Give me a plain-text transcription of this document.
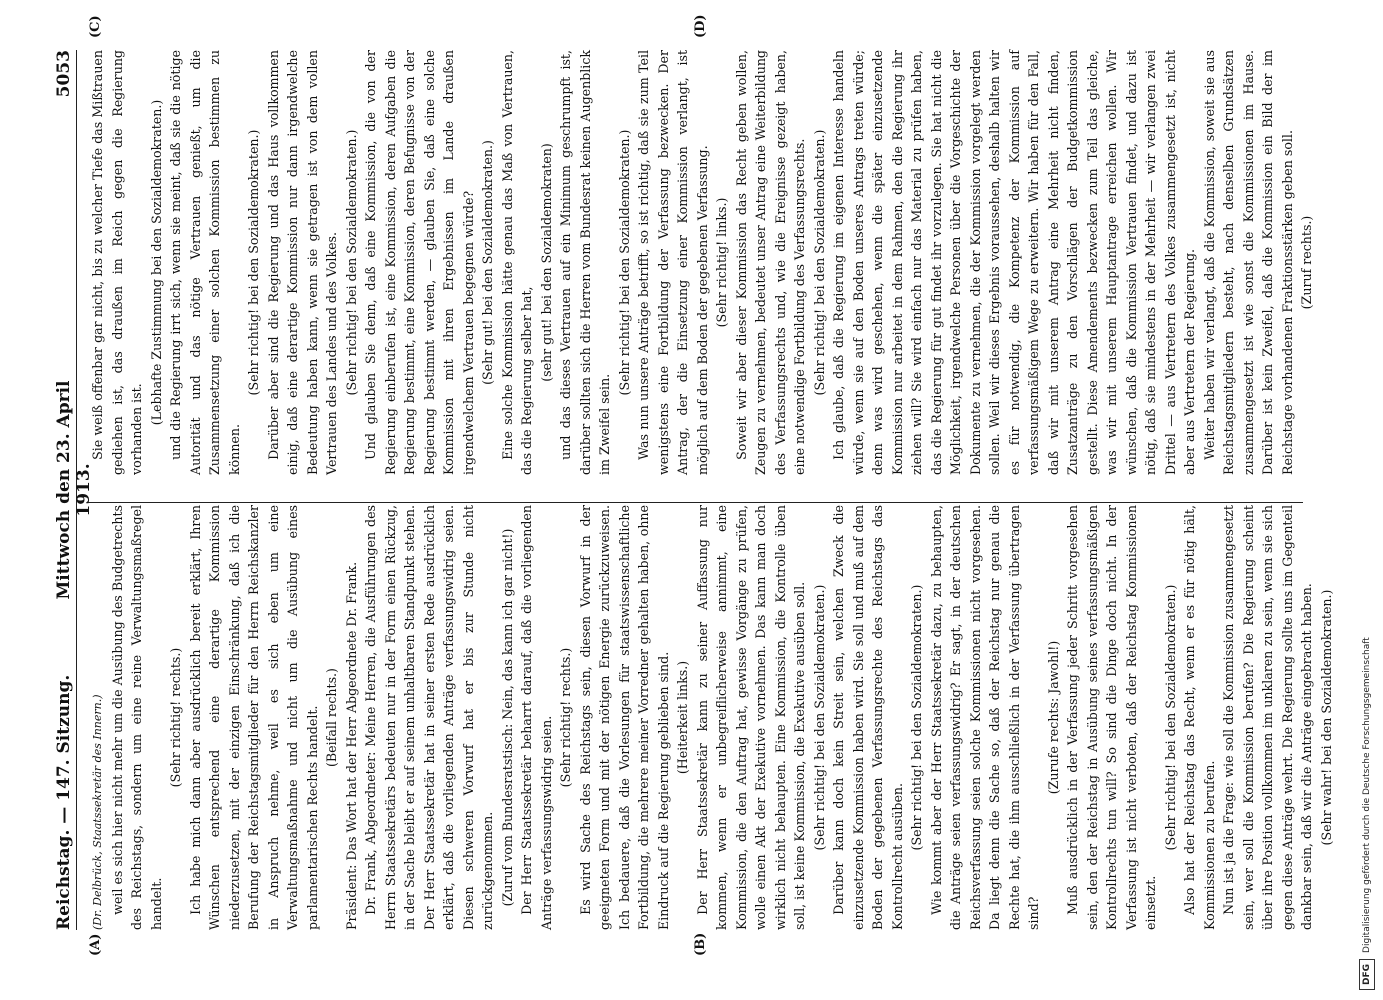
Reichstag. — 147. Sitzung.
Mittwoch den 23. April 1913.
5053
(A)	(B)
(C)	(D)

(Dr. Delbrück, Staatssekretär des Innern.) weil es sich hier nicht mehr um die Ausübung des Budgetrechts des Reichstags, sondern um eine reine Verwaltungsmaßregel handelt.

(Sehr richtig! rechts.) Ich habe mich dann aber ausdrücklich bereit erklärt, Ihren Wünschen entsprechend eine derartige Kommission niederzusetzen, mit der einzigen Einschränkung, daß ich die Berufung der Reichstagsmitglieder für den Herrn Reichskanzler in Anspruch nehme, weil es sich eben um eine Verwaltungsmaßnahme und nicht um die Ausübung eines parlamentarischen Rechts handelt. (Beifall rechts.) Präsident: Das Wort hat der Herr Abgeordnete Dr. Frank. Dr. Frank, Abgeordneter: Meine Herren, die Ausführungen des Herrn Staatssekretärs bedeuten nur in der Form einen Rückzug, in der Sache bleibt er auf seinem unhaltbaren Standpunkt stehen. Der Herr Staatssekretär hat in seiner ersten Rede ausdrücklich erklärt, daß die vorliegenden Anträge verfassungswidrig seien. Diesen schweren Vorwurf hat er bis zur Stunde nicht zurückgenommen. (Zuruf vom Bundesratstisch: Nein, das kann ich gar nicht!) Der Herr Staatssekretär beharrt darauf, daß die vorliegenden Anträge verfassungswidrig seien. (Sehr richtig! rechts.) Es wird Sache des Reichstags sein, diesen Vorwurf in der geeigneten Form und mit der nötigen Energie zurückzuweisen. Ich bedauere, daß die Vorlesungen für staatswissenschaftliche Fortbildung, die mehrere meiner Vorredner gehalten haben, ohne Eindruck auf die Regierung geblieben sind. (Heiterkeit links.) Der Herr Staatssekretär kann zu seiner Auffassung nur kommen, wenn er unbegreiflicherweise annimmt, eine Kommission, die den Auftrag hat, gewisse Vorgänge zu prüfen, wolle einen Akt der Exekutive vornehmen. Das kann man doch wirklich nicht behaupten. Eine Kommission, die Kontrolle üben soll, ist keine Kommission, die Exekutive ausüben soll. (Sehr richtig! bei den Sozialdemokraten.) Darüber kann doch kein Streit sein, welchen Zweck die einzusetzende Kommission haben wird. Sie soll und muß auf dem Boden der gegebenen Verfassungsrechte des Reichstags das Kontrollrecht ausüben.

(Sehr richtig! bei den Sozialdemokraten.) Wie kommt aber der Herr Staatssekretär dazu, zu behaupten, die Anträge seien verfassungswidrig? Er sagt, in der deutschen Reichsverfassung seien solche Kommissionen nicht vorgesehen. Da liegt denn die Sache so, daß der Reichstag nur genau die Rechte hat, die ihm ausschließlich in der Verfassung übertragen sind?

(Zurufe rechts: Jawohl!) Muß ausdrücklich in der Verfassung jeder Schritt vorgesehen sein, den der Reichstag in Ausübung seines verfassungsmäßigen Kontrollrechts tun will? So sind die Dinge doch nicht. In der Verfassung ist nicht verboten, daß der Reichstag Kommissionen einsetzt.

(Sehr richtig! bei den Sozialdemokraten.) Also hat der Reichstag das Recht, wenn er es für nötig hält, Kommissionen zu berufen. Nun ist ja die Frage: wie soll die Kommission zusammengesetzt sein, wer soll die Kommission berufen? Die Regierung scheint über ihre Position vollkommen im unklaren zu sein, wenn sie sich gegen diese Anträge wehrt. Die Regierung sollte uns im Gegenteil dankbar sein, daß wir die Anträge eingebracht haben. (Sehr wahr! bei den Sozialdemokraten.)

Sie weiß offenbar gar nicht, bis zu welcher Tiefe das Mißtrauen gediehen ist, das draußen im Reich gegen die Regierung vorhanden ist.

(Lebhafte Zustimmung bei den Sozialdemokraten.) und die Regierung irrt sich, wenn sie meint, daß sie die nötige Autorität und das nötige Vertrauen genießt, um die Zusammensetzung einer solchen Kommission bestimmen zu können.

(Sehr richtig! bei den Sozialdemokraten.) Darüber aber sind die Regierung und das Haus vollkommen einig, daß eine derartige Kommission nur dann irgendwelche Bedeutung haben kann, wenn sie getragen ist von dem vollen Vertrauen des Landes und des Volkes. (Sehr richtig! bei den Sozialdemokraten.) Und glauben Sie denn, daß eine Kommission, die von der Regierung einberufen ist, eine Kommission, deren Aufgaben die Regierung bestimmt, eine Kommission, deren Befugnisse von der Regierung bestimmt werden, — glauben Sie, daß eine solche Kommission mit ihren Ergebnissen im Lande draußen irgendwelchem Vertrauen begegnen würde? (Sehr gut! bei den Sozialdemokraten.) Eine solche Kommission hätte genau das Maß von Vertrauen, das die Regierung selber hat, (sehr gut! bei den Sozialdemokraten) und das dieses Vertrauen auf ein Minimum geschrumpft ist, darüber sollten sich die Herren vom Bundesrat keinen Augenblick im Zweifel sein.

(Sehr richtig! bei den Sozialdemokraten.) Was nun unsere Anträge betrifft, so ist richtig, daß sie zum Teil wenigstens eine Fortbildung der Verfassung bezwecken. Der Antrag, der die Einsetzung einer Kommission verlangt, ist möglich auf dem Boden der gegebenen Verfassung. (Sehr richtig! links.) Soweit wir aber dieser Kommission das Recht geben wollen, Zeugen zu vernehmen, bedeutet unser Antrag eine Weiterbildung des Verfassungsrechts und, wie die Ereignisse gezeigt haben, eine notwendige Fortbildung des Verfassungsrechts. (Sehr richtig! bei den Sozialdemokraten.) Ich glaube, daß die Regierung im eigenen Interesse handeln würde, wenn sie auf den Boden unseres Antrags treten würde; denn was wird geschehen, wenn die später einzusetzende Kommission nur arbeitet in dem Rahmen, den die Regierung ihr ziehen will? Sie wird einfach nur das Material zu prüfen haben, das die Regierung für gut findet ihr vorzulegen. Sie hat nicht die Möglichkeit, irgendwelche Personen über die Vorgeschichte der Dokumente zu vernehmen, die der Kommission vorgelegt werden sollen. Weil wir dieses Ergebnis voraussehen, deshalb halten wir es für notwendig, die Kompetenz der Kommission auf verfassungsmäßigem Wege zu erweitern. Wir haben für den Fall, daß wir mit unserem Antrag eine Mehrheit nicht finden, Zusatzanträge zu den Vorschlägen der Budgetkommission gestellt. Diese Amendements bezwecken zum Teil das gleiche, was wir mit unserem Hauptantrage erreichen wollen. Wir wünschen, daß die Kommission Vertrauen findet, und dazu ist nötig, daß sie mindestens in der Mehrheit — wir verlangen zwei Drittel — aus Vertretern des Volkes zusammengesetzt ist, nicht aber aus Vertretern der Regierung. Weiter haben wir verlangt, daß die Kommission, soweit sie aus Reichstagsmitgliedern besteht, nach denselben Grundsätzen zusammengesetzt ist wie sonst die Kommissionen im Hause. Darüber ist kein Zweifel, daß die Kommission ein Bild der im Reichstage vorhandenen Fraktionsstärken geben soll. (Zuruf rechts.)

DFGDigitalisierung gefördert durch die Deutsche Forschungsgemeinschaft
